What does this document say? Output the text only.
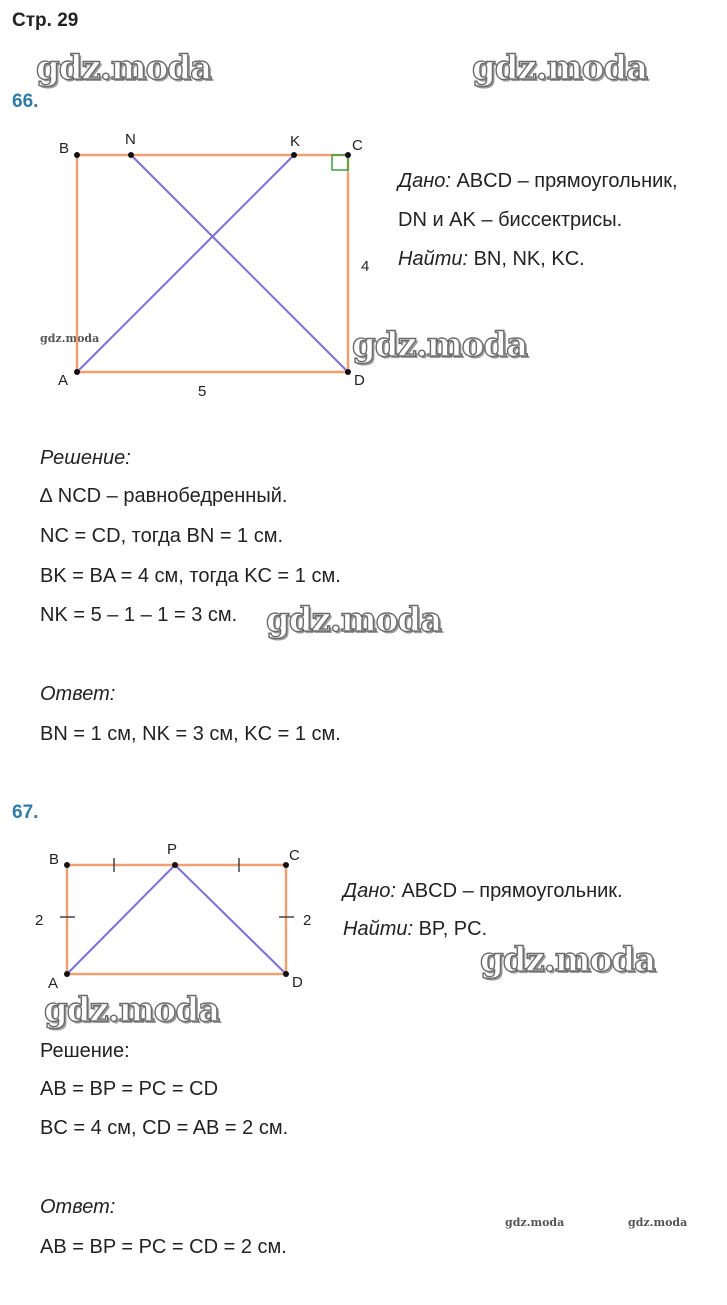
Стр. 29
gdz.moda	gdz.moda
gdz.moda
gdz.moda
gdz.moda
gdz.moda
gdz.moda
gdz.moda	gdz.moda
66.
B
N	K	C
A	D
4
5
Дано: ABCD – прямоугольник,
DN и AK – биссектрисы.
Найти: BN, NK, KC.
Решение:
∆ NCD – равнобедренный.
NC = CD, тогда BN = 1 см.
BK = BA = 4 см, тогда KC = 1 см.
NK = 5 – 1 – 1 = 3 см.
Ответ:
BN = 1 см, NK = 3 см, KC = 1 см.
67.
B
P	C
A	D
2	2
Дано: ABCD – прямоугольник.
Найти: BP, PC.
Решение:
AB = BP = PC = CD
BC = 4 см, CD = AB = 2 см.
Ответ:
AB = BP = PC = CD = 2 см.
